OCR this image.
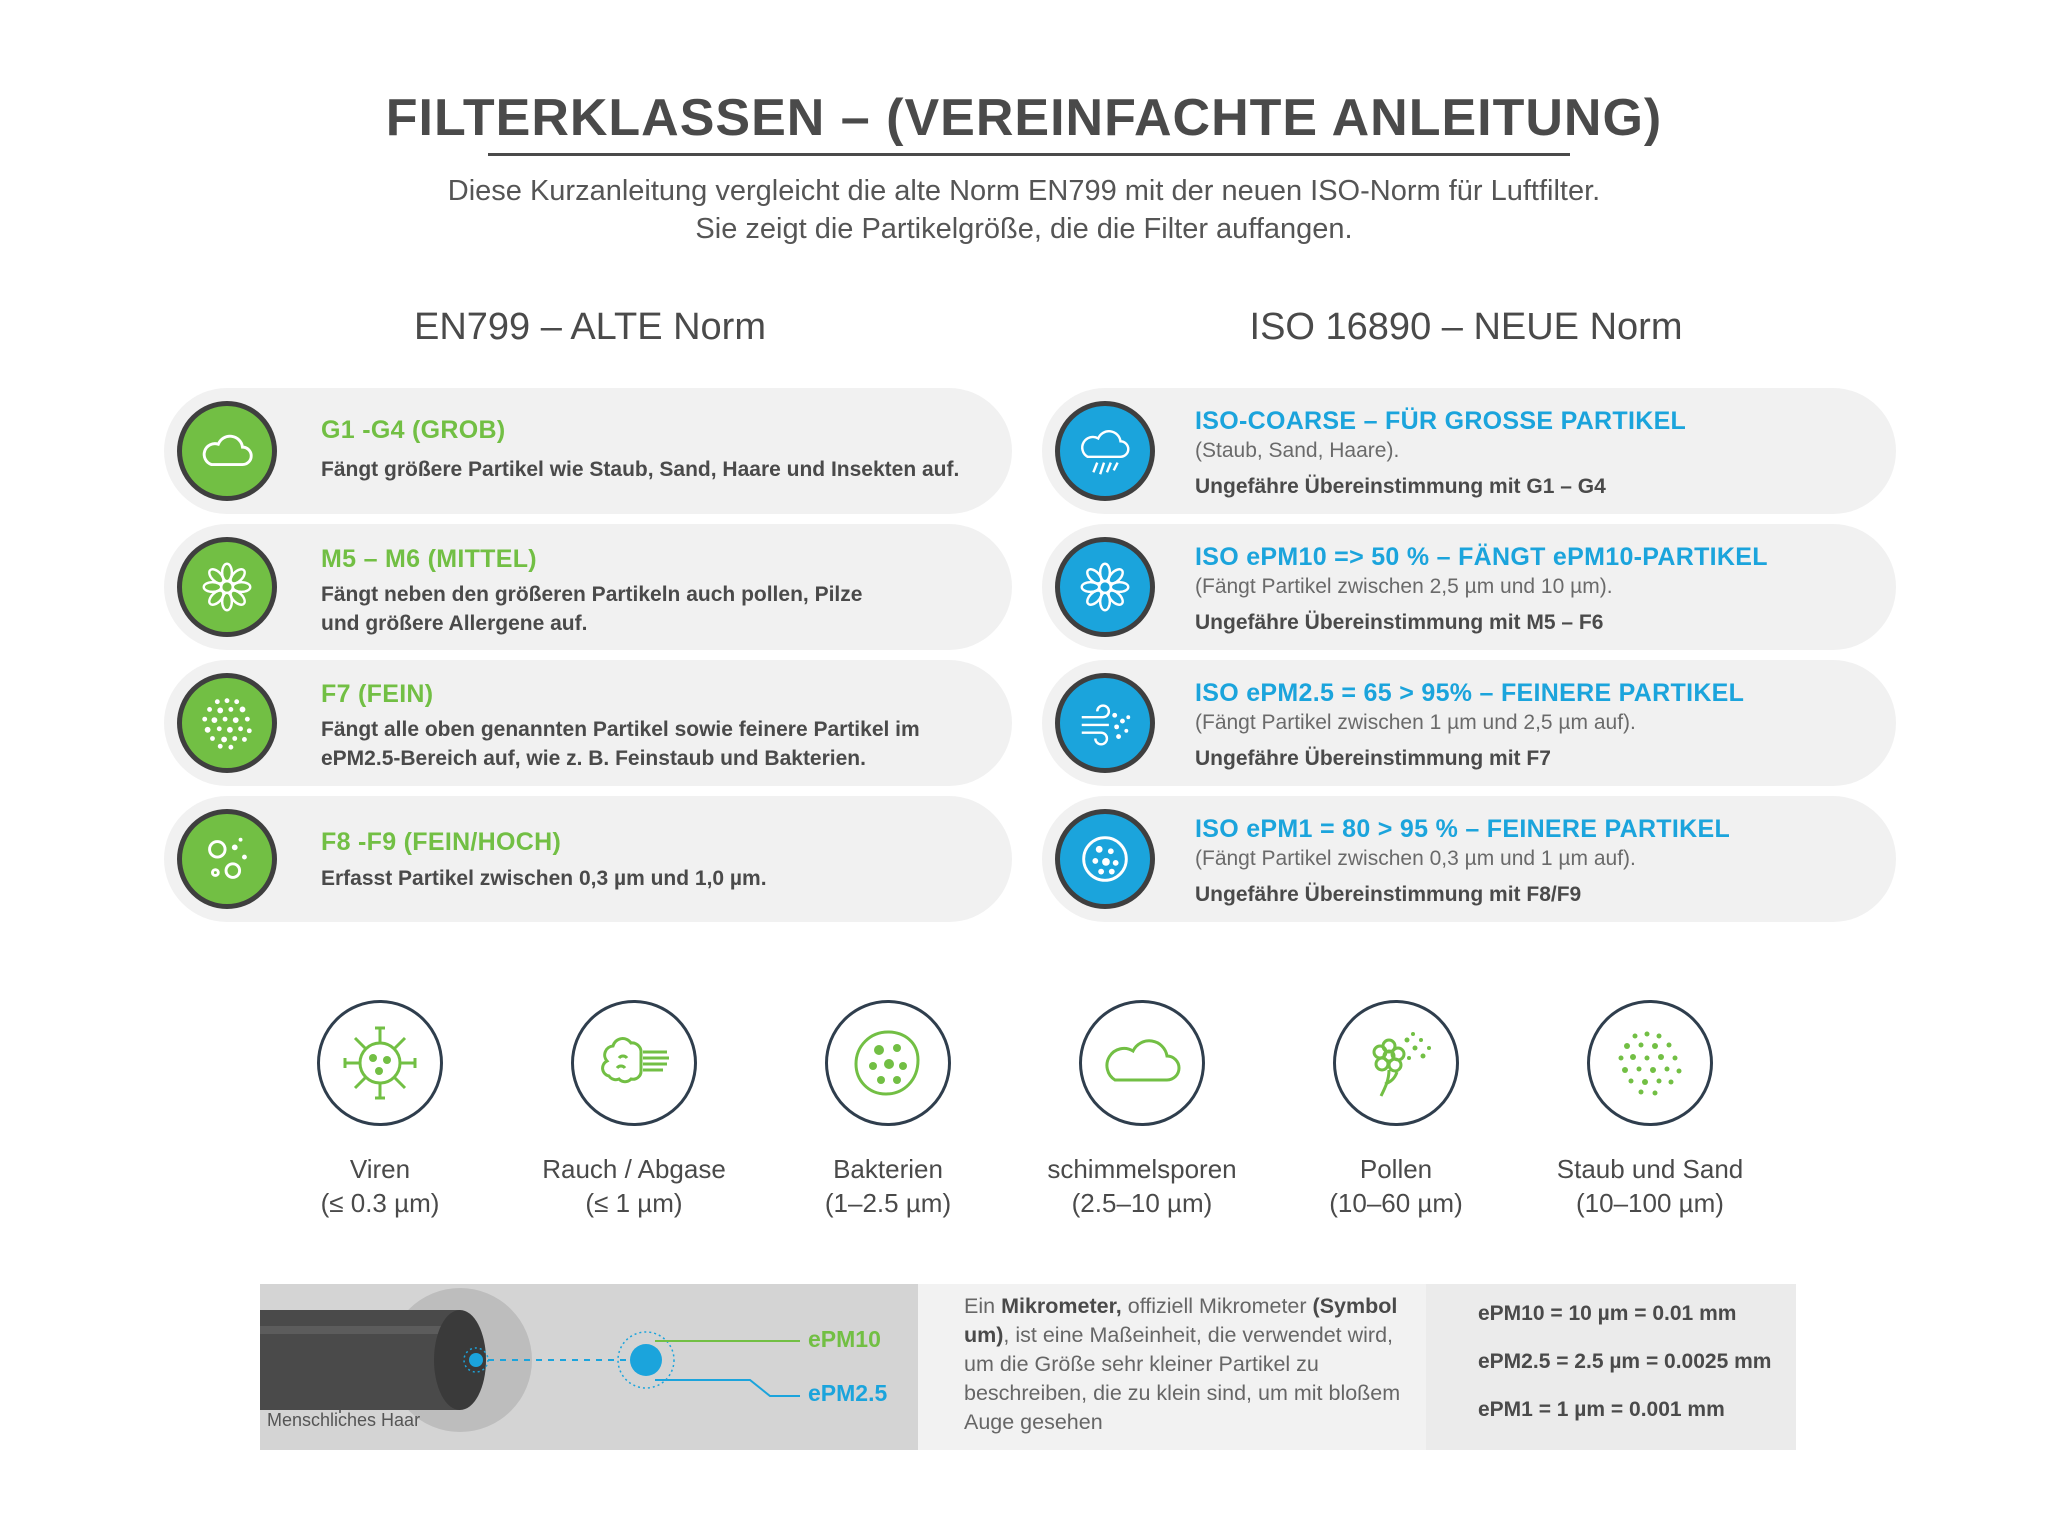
FILTERKLASSEN – (VEREINFACHTE ANLEITUNG)
Diese Kurzanleitung vergleicht die alte Norm EN799 mit der neuen ISO-Norm für Luftfilter.
Sie zeigt die Partikelgröße, die die Filter auffangen.
EN799 – ALTE Norm	ISO 16890 – NEUE Norm
G1 -G4 (GROB)
Fängt größere Partikel wie Staub, Sand, Haare und Insekten auf.
M5 – M6 (MITTEL)
Fängt neben den größeren Partikeln auch pollen, Pilze
und größere Allergene auf.
F7 (FEIN)
Fängt alle oben genannten Partikel sowie feinere Partikel im
ePM2.5-Bereich auf, wie z. B. Feinstaub und Bakterien.
F8 -F9 (FEIN/HOCH)
Erfasst Partikel zwischen 0,3 µm und 1,0 µm.
ISO-COARSE – FÜR GROSSE PARTIKEL
(Staub, Sand, Haare).
Ungefähre Übereinstimmung mit G1 – G4
ISO ePM10 => 50 % – FÄNGT ePM10-PARTIKEL
(Fängt Partikel zwischen 2,5 µm und 10 µm).
Ungefähre Übereinstimmung mit M5 – F6
ISO ePM2.5 = 65 > 95% – FEINERE PARTIKEL
(Fängt Partikel zwischen 1 µm und 2,5 µm auf).
Ungefähre Übereinstimmung mit F7
ISO ePM1 = 80 > 95 % – FEINERE PARTIKEL
(Fängt Partikel zwischen 0,3 µm und 1 µm auf).
Ungefähre Übereinstimmung mit F8/F9
Viren
(≤ 0.3 µm)
Rauch / Abgase
(≤ 1 µm)
Bakterien
(1–2.5 µm)
schimmelsporen
(2.5–10 µm)
Pollen
(10–60 µm)
Staub und Sand
(10–100 µm)
Menschliches Haar
ePM10
ePM2.5
Ein Mikrometer, offiziell Mikrometer (Symbol um), ist eine Maßeinheit, die verwendet wird, um die Größe sehr kleiner Partikel zu beschreiben, die zu klein sind, um mit bloßem Auge gesehen
ePM10 = 10 µm = 0.01 mm
ePM2.5 = 2.5 µm = 0.0025 mm
ePM1 = 1 µm = 0.001 mm
